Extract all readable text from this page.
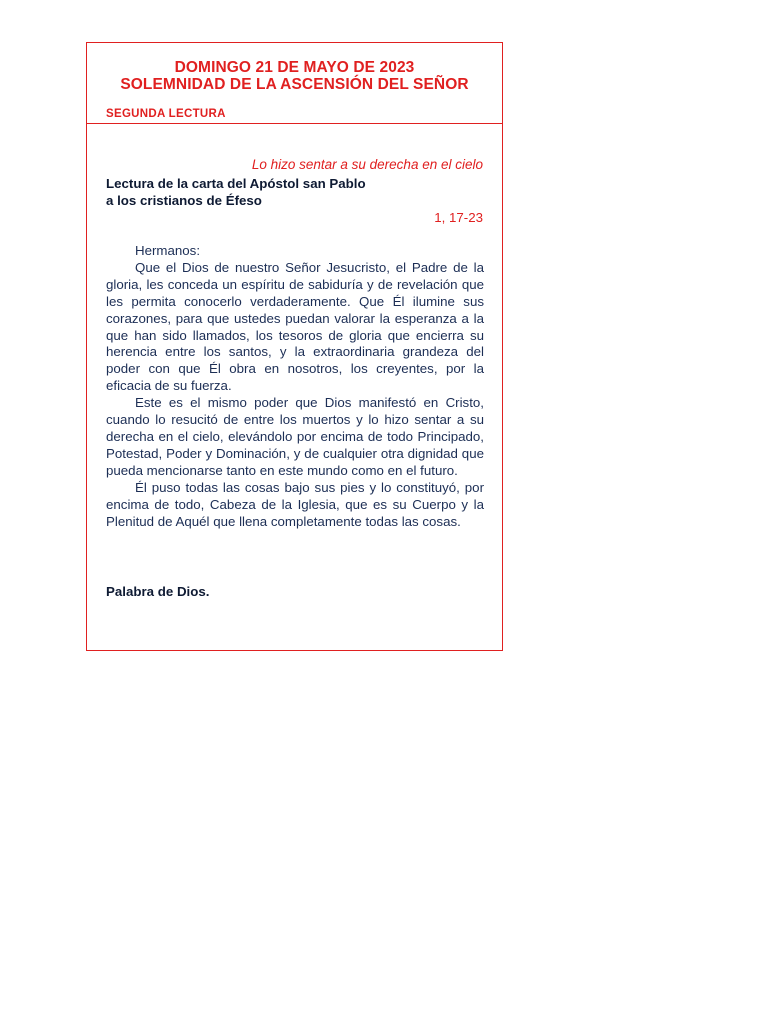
DOMINGO 21 DE MAYO DE 2023
SOLEMNIDAD DE LA ASCENSIÓN DEL SEÑOR
SEGUNDA LECTURA
Lo hizo sentar a su derecha en el cielo
Lectura de la carta del Apóstol san Pablo
a los cristianos de Éfeso
1, 17-23

Hermanos:

Que el Dios de nuestro Señor Jesucristo, el Padre de la gloria, les conceda un espíritu de sabiduría y de revelación que les permita conocerlo verdaderamente. Que Él ilumine sus corazones, para que ustedes puedan valorar la esperanza a la que han sido llamados, los tesoros de gloria que encierra su herencia entre los santos, y la extraordinaria grandeza del poder con que Él obra en nosotros, los creyentes, por la eficacia de su fuerza.

Este es el mismo poder que Dios manifestó en Cristo, cuando lo resucitó de entre los muertos y lo hizo sentar a su derecha en el cielo, elevándolo por encima de todo Principado, Potestad, Poder y Dominación, y de cualquier otra dignidad que pueda mencionarse tanto en este mundo como en el futuro.

Él puso todas las cosas bajo sus pies y lo constituyó, por encima de todo, Cabeza de la Iglesia, que es su Cuerpo y la Plenitud de Aquél que llena completamente todas las cosas.

Palabra de Dios.
